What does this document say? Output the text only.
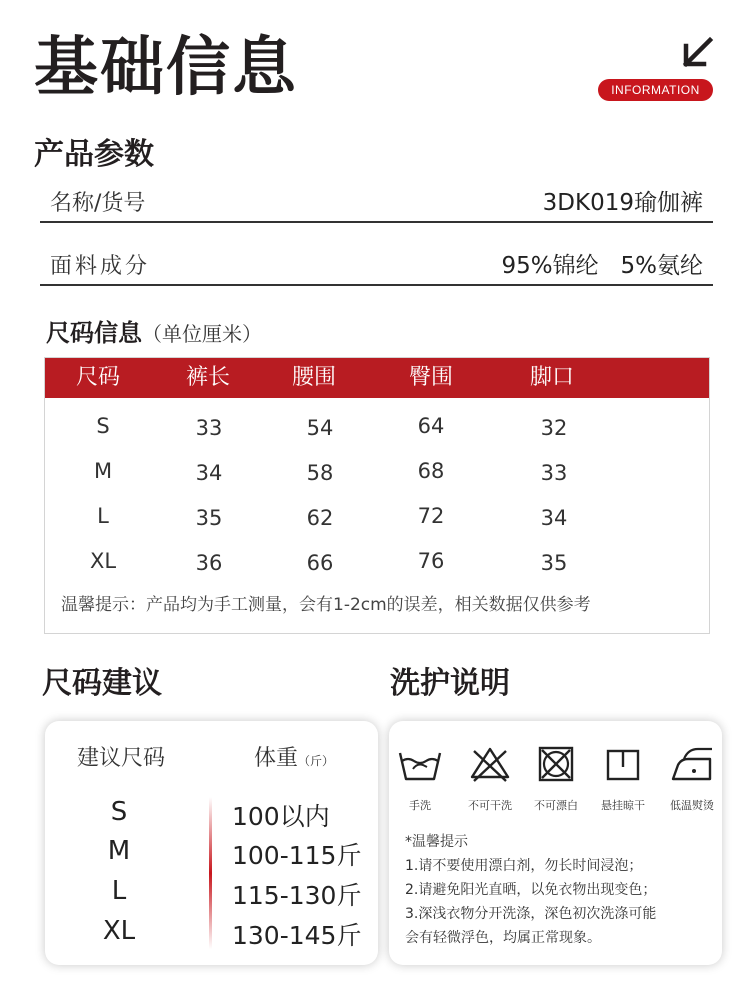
基础信息	INFORMATION
产品参数
名称/货号	3DK019瑜伽裤
面料成分	95%锦纶   5%氨纶
尺码信息（单位厘米）
尺码	裤长	腰围	臀围	脚口
S	33	54	64	32
M	34	58	68	33
L	35	62	72	34
XL	36	66	76	35
温馨提示：产品均为手工测量，会有1-2cm的误差，相关数据仅供参考
尺码建议
建议尺码	体重（斤）
S	100以内
M	100-115斤
L	115-130斤
XL	130-145斤
洗护说明
手洗	不可干洗	不可漂白	悬挂晾干	低温熨烫
*温馨提示
1.请不要使用漂白剂，勿长时间浸泡；
2.请避免阳光直晒，以免衣物出现变色；
3.深浅衣物分开洗涤，深色初次洗涤可能
会有轻微浮色，均属正常现象。
